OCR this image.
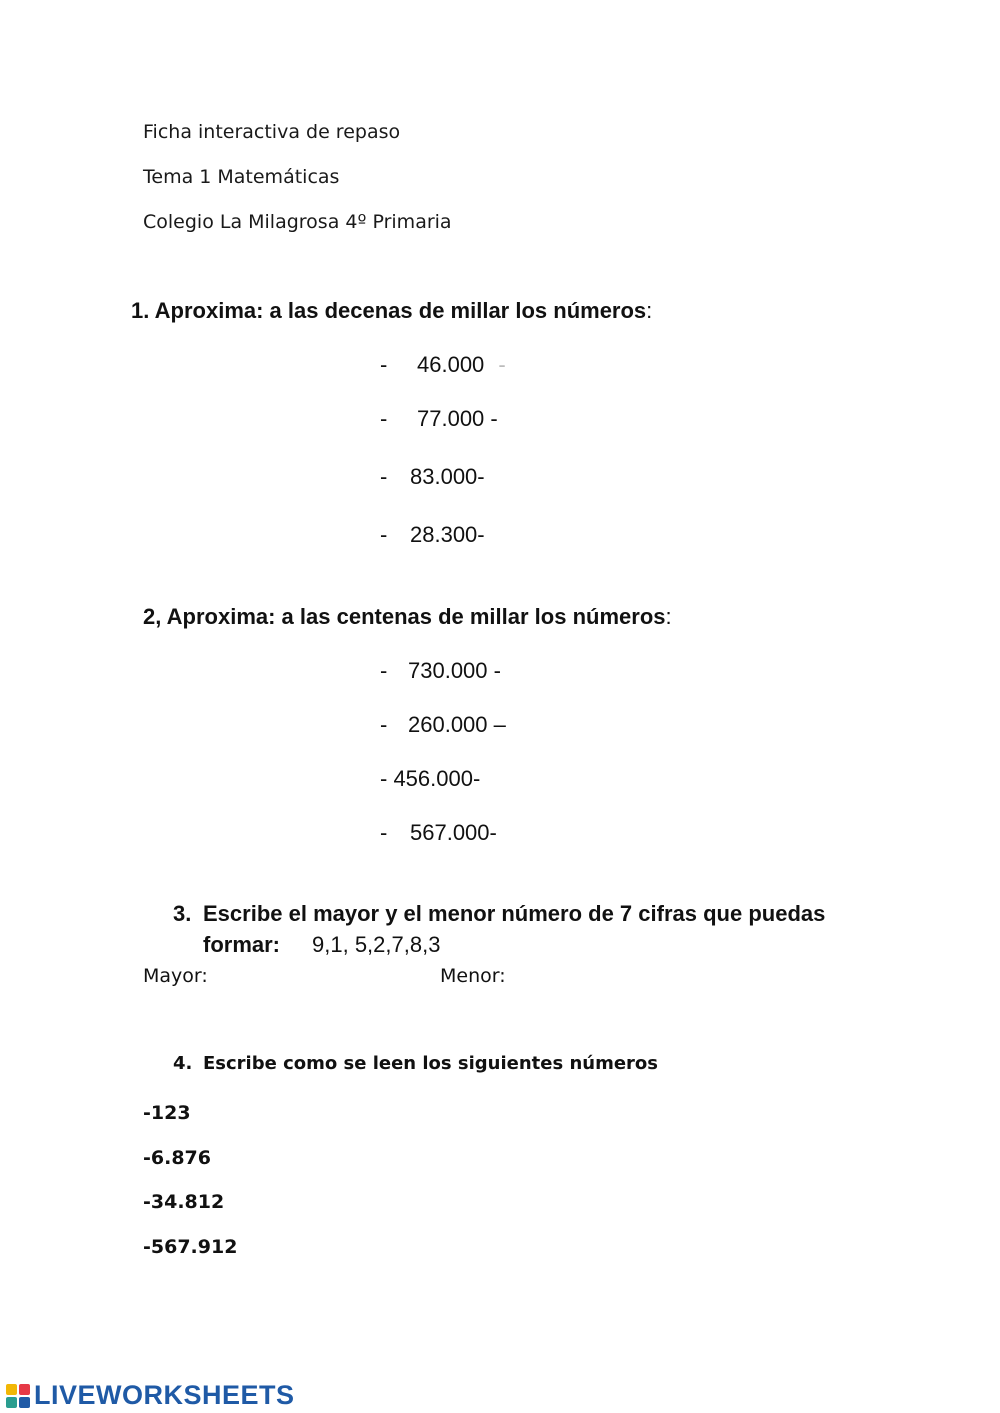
Ficha interactiva de repaso
Tema 1 Matemáticas
Colegio La Milagrosa 4º Primaria
1. Aproxima: a las decenas de millar los números:
- 46.000 -
- 77.000 -
- 83.000-
- 28.300-
2, Aproxima: a las centenas de millar los números:
- 730.000 -
- 260.000 –
- 456.000-
- 567.000-
3. Escribe el mayor y el menor número de 7 cifras que puedas
formar: 9,1, 5,2,7,8,3
Mayor:	Menor:
4. Escribe como se leen los siguientes números
-123
-6.876
-34.812
-567.912
LIVEWORKSHEETS
